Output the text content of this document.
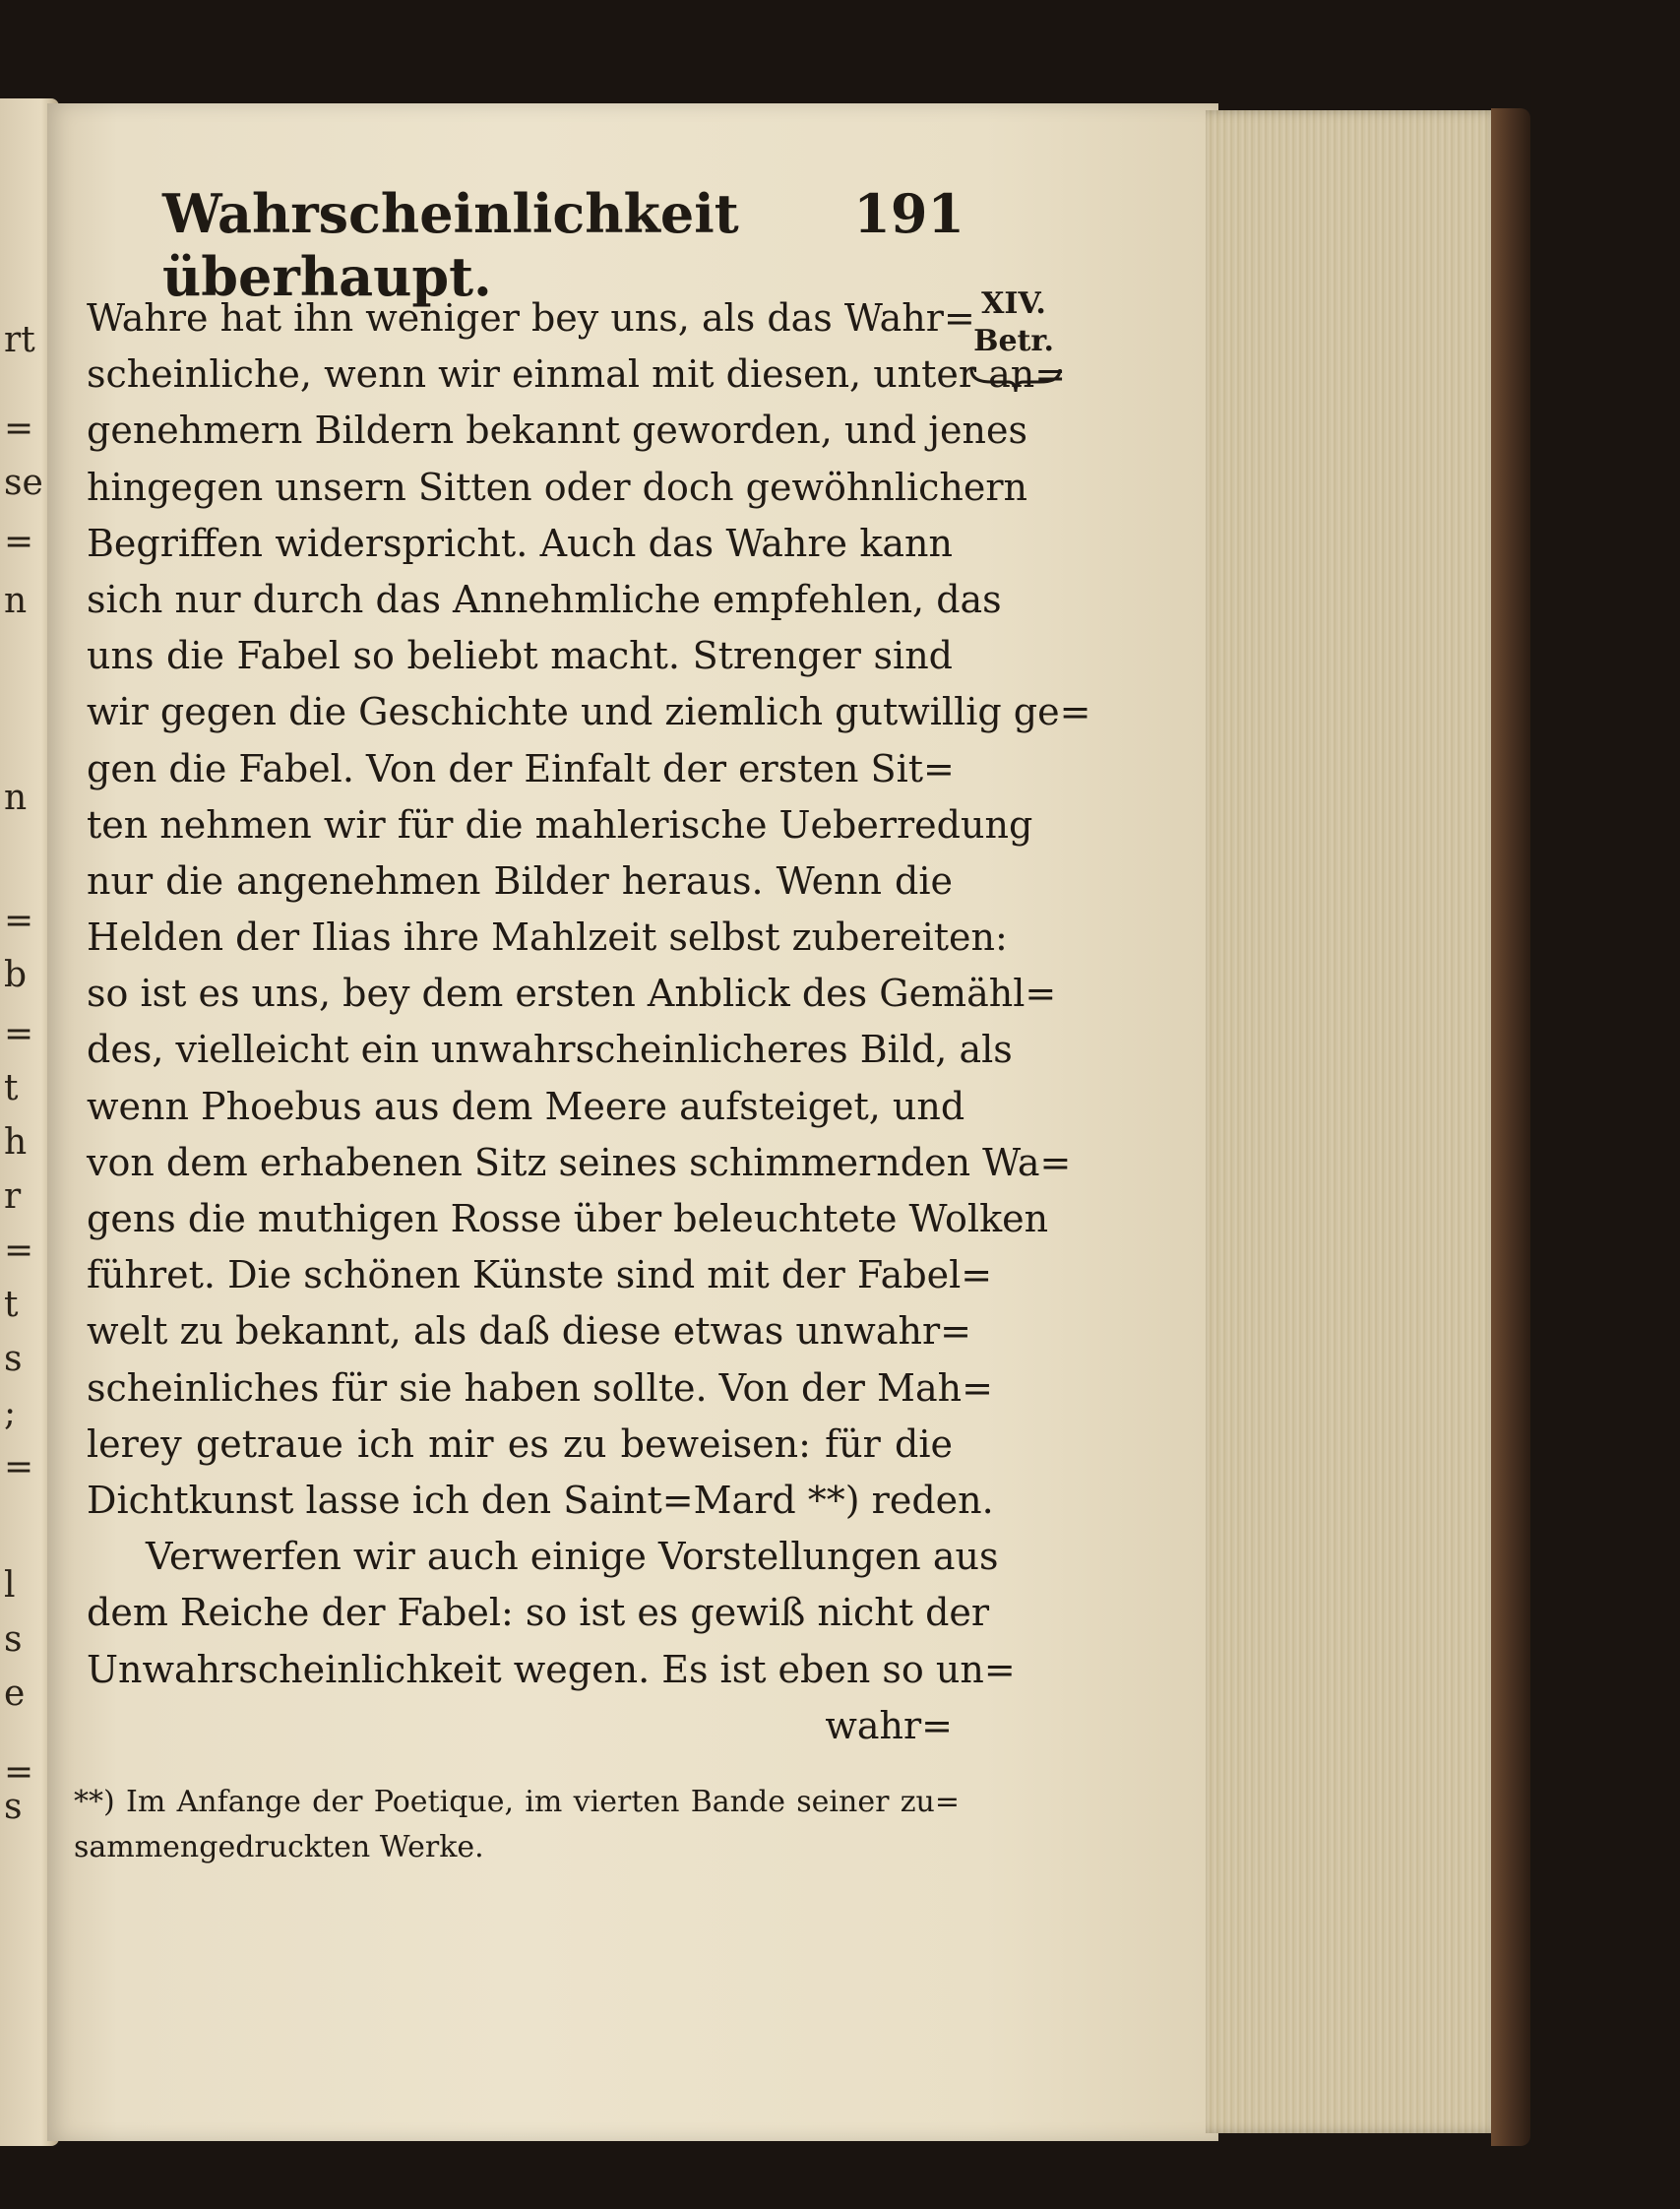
rt
=
se
=
n
n
=
b
=
t
h
r
=
t
s
;
=
l
s
e
=
s
Wahrscheinlichkeit überhaupt.
191
XIV.
Betr.
Wahre hat ihn weniger bey uns, als das Wahr=
scheinliche, wenn wir einmal mit diesen, unter an=
genehmern Bildern bekannt geworden, und jenes
hingegen unsern Sitten oder doch gewöhnlichern
Begriffen widerspricht. Auch das Wahre kann
sich nur durch das Annehmliche empfehlen, das
uns die Fabel so beliebt macht. Strenger sind
wir gegen die Geschichte und ziemlich gutwillig ge=
gen die Fabel. Von der Einfalt der ersten Sit=
ten nehmen wir für die mahlerische Ueberredung
nur die angenehmen Bilder heraus. Wenn die
Helden der Ilias ihre Mahlzeit selbst zubereiten:
so ist es uns, bey dem ersten Anblick des Gemähl=
des, vielleicht ein unwahrscheinlicheres Bild, als
wenn Phoebus aus dem Meere aufsteiget, und
von dem erhabenen Sitz seines schimmernden Wa=
gens die muthigen Rosse über beleuchtete Wolken
führet. Die schönen Künste sind mit der Fabel=
welt zu bekannt, als daß diese etwas unwahr=
scheinliches für sie haben sollte. Von der Mah=
lerey getraue ich mir es zu beweisen: für die
Dichtkunst lasse ich den Saint=Mard **) reden.
Verwerfen wir auch einige Vorstellungen aus
dem Reiche der Fabel: so ist es gewiß nicht der
Unwahrscheinlichkeit wegen. Es ist eben so un=
wahr=
**) Im Anfange der Poetique, im vierten Bande seiner zu=
sammengedruckten Werke.
